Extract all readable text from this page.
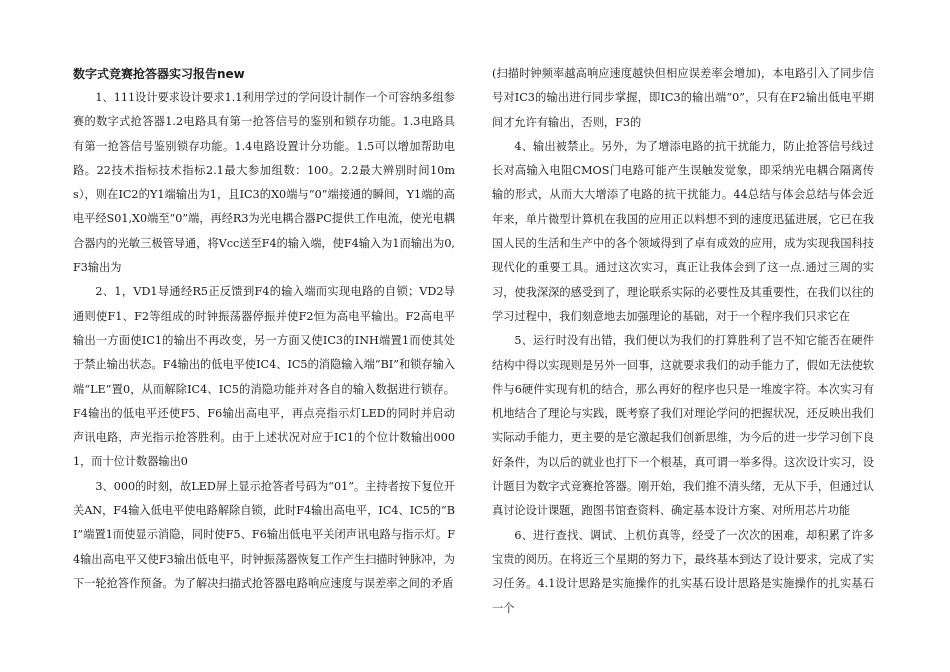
数字式竞赛抢答器实习报告new

1、111设计要求设计要求1.1利用学过的学问设计制作一个可容纳多组参赛的数字式抢答器1.2电路具有第一抢答信号的鉴别和锁存功能。1.3电路具有第一抢答信号鉴别锁存功能。1.4电路设置计分功能。1.5可以增加帮助电路。22技术指标技术指标2.1最大参加组数：100。2.2最大辨别时间10ms），则在IC2的Y1端输出为1，且IC3的X0端与“0”端接通的瞬间，Y1端的高电平经S01,X0端至“0”端，再经R3为光电耦合器PC提供工作电流，使光电耦合器内的光敏三极管导通，将Vcc送至F4的输入端，使F4输入为1而输出为0,F3输出为

2、1，VD1导通经R5正反馈到F4的输入端而实现电路的自锁；VD2导通则使F1、F2等组成的时钟振荡器停振并使F2恒为高电平输出。F2高电平输出一方面使IC1的输出不再改变，另一方面又使IC3的INH端置1而使其处于禁止输出状态。F4输出的低电平使IC4、IC5的消隐输入端“BI”和锁存输入端“LE”置0，从而解除IC4、IC5的消隐功能并对各自的输入数据进行锁存。F4输出的低电平还使F5、F6输出高电平，再点亮指示灯LED的同时并启动声讯电路，声光指示抢答胜利。由于上述状况对应于IC1的个位计数输出0001，而十位计数器输出0

3、000的时刻，故LED屏上显示抢答者号码为“01”。主持者按下复位开关AN，F4输入低电平使电路解除自锁，此时F4输出高电平，IC4、IC5的“BI”端置1而使显示消隐，同时使F5、F6输出低电平关闭声讯电路与指示灯。F4输出高电平又使F3输出低电平，时钟振荡器恢复工作产生扫描时钟脉冲，为下一轮抢答作预备。为了解决扫描式抢答器电路响应速度与误差率之间的矛盾

(扫描时钟频率越高响应速度越快但相应误差率会增加)，本电路引入了同步信号对IC3的输出进行同步掌握，即IC3的输出端“0”，只有在F2输出低电平期间才允许有输出，否则，F3的

4、输出被禁止。另外，为了增添电路的抗干扰能力，防止抢答信号线过长对高输入电阻CMOS门电路可能产生误触发觉象，即采纳光电耦合隔离传输的形式，从而大大增添了电路的抗干扰能力。44总结与体会总结与体会近年来，单片微型计算机在我国的应用正以料想不到的速度迅猛进展，它已在我国人民的生活和生产中的各个领域得到了卓有成效的应用，成为实现我国科技现代化的重要工具。通过这次实习，真正让我体会到了这一点.通过三周的实习，使我深深的感受到了，理论联系实际的必要性及其重要性，在我们以往的学习过程中，我们刻意地去加强理论的基础，对于一个程序我们只求它在

5、运行时没有出错，我们便以为我们的打算胜利了岂不知它能否在硬件结构中得以实现则是另外一回事，这就要求我们的动手能力了，假如无法使软件与6硬件实现有机的结合，那么再好的程序也只是一堆废字符。本次实习有机地结合了理论与实践，既考察了我们对理论学问的把握状况，还反映出我们实际动手能力，更主要的是它激起我们创新思维，为今后的进一步学习创下良好条件，为以后的就业也打下一个根基，真可谓一举多得。这次设计实习，设计题目为数字式竞赛抢答器。刚开始，我们推不清头绪，无从下手，但通过认真讨论设计课题，跑图书馆查资料、确定基本设计方案、对所用芯片功能

6、进行查找、调试、上机仿真等，经受了一次次的困难，却积累了许多宝贵的阅历。在将近三个星期的努力下，最终基本到达了设计要求，完成了实习任务。4.1设计思路是实施操作的扎实基石设计思路是实施操作的扎实基石一个
